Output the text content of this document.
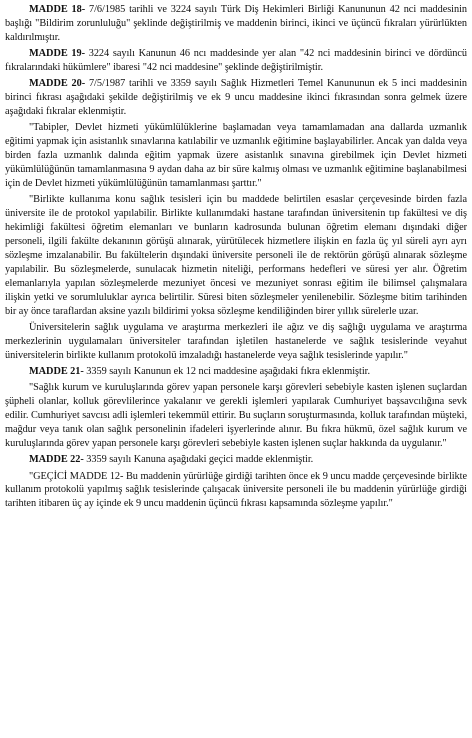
MADDE 18- 7/6/1985 tarihli ve 3224 sayılı Türk Diş Hekimleri Birliği Kanununun 42 nci maddesinin başlığı "Bildirim zorunluluğu" şeklinde değiştirilmiş ve maddenin birinci, ikinci ve üçüncü fıkraları yürürlükten kaldırılmıştır.

MADDE 19- 3224 sayılı Kanunun 46 ncı maddesinde yer alan "42 nci maddesinin birinci ve dördüncü fıkralarındaki hükümlere" ibaresi "42 nci maddesine" şeklinde değiştirilmiştir.

MADDE 20- 7/5/1987 tarihli ve 3359 sayılı Sağlık Hizmetleri Temel Kanununun ek 5 inci maddesinin birinci fıkrası aşağıdaki şekilde değiştirilmiş ve ek 9 uncu maddesine ikinci fıkrasından sonra gelmek üzere aşağıdaki fıkralar eklenmiştir.

"Tabipler, Devlet hizmeti yükümlülüklerine başlamadan veya tamamlamadan ana dallarda uzmanlık eğitimi yapmak için asistanlık sınavlarına katılabilir ve uzmanlık eğitimine başlayabilirler. Ancak yan dalda veya birden fazla uzmanlık dalında eğitim yapmak üzere asistanlık sınavına girebilmek için Devlet hizmeti yükümlülüğünün tamamlanmasına 9 aydan daha az bir süre kalmış olması ve uzmanlık eğitimine başlanabilmesi için de Devlet hizmeti yükümlülüğünün tamamlanması şarttır."

"Birlikte kullanıma konu sağlık tesisleri için bu maddede belirtilen esaslar çerçevesinde birden fazla üniversite ile de protokol yapılabilir. Birlikte kullanımdaki hastane tarafından üniversitenin tıp fakültesi ve diş hekimliği fakültesi öğretim elemanları ve bunların kadrosunda bulunan öğretim elemanı dışındaki diğer personeli, ilgili fakülte dekanının görüşü alınarak, yürütülecek hizmetlere ilişkin en fazla üç yıl süreli ayrı ayrı sözleşme imzalanabilir. Bu fakültelerin dışındaki üniversite personeli ile de rektörün görüşü alınarak sözleşme yapılabilir. Bu sözleşmelerde, sunulacak hizmetin niteliği, performans hedefleri ve süresi yer alır. Öğretim elemanlarıyla yapılan sözleşmelerde mezuniyet öncesi ve mezuniyet sonrası eğitim ile bilimsel çalışmalara ilişkin yetki ve sorumluluklar ayrıca belirtilir. Süresi biten sözleşmeler yenilenebilir. Sözleşme bitim tarihinden bir ay önce taraflardan aksine yazılı bildirimi yoksa sözleşme kendiliğinden birer yıllık sürelerle uzar.

Üniversitelerin sağlık uygulama ve araştırma merkezleri ile ağız ve diş sağlığı uygulama ve araştırma merkezlerinin uygulamaları üniversiteler tarafından işletilen hastanelerde ve sağlık tesislerinde veyahut üniversitelerin birlikte kullanım protokolü imzaladığı hastanelerde veya sağlık tesislerinde yapılır."

MADDE 21- 3359 sayılı Kanunun ek 12 nci maddesine aşağıdaki fıkra eklenmiştir.

"Sağlık kurum ve kuruluşlarında görev yapan personele karşı görevleri sebebiyle kasten işlenen suçlardan şüpheli olanlar, kolluk görevlilerince yakalanır ve gerekli işlemleri yapılarak Cumhuriyet başsavcılığına sevk edilir. Cumhuriyet savcısı adli işlemleri tekemmül ettirir. Bu suçların soruşturmasında, kolluk tarafından müşteki, mağdur veya tanık olan sağlık personelinin ifadeleri işyerlerinde alınır. Bu fıkra hükmü, özel sağlık kurum ve kuruluşlarında görev yapan personele karşı görevleri sebebiyle kasten işlenen suçlar hakkında da uygulanır."

MADDE 22- 3359 sayılı Kanuna aşağıdaki geçici madde eklenmiştir.

"GEÇİCİ MADDE 12- Bu maddenin yürürlüğe girdiği tarihten önce ek 9 uncu madde çerçevesinde birlikte kullanım protokolü yapılmış sağlık tesislerinde çalışacak üniversite personeli ile bu maddenin yürürlüğe girdiği tarihten itibaren üç ay içinde ek 9 uncu maddenin üçüncü fıkrası kapsamında sözleşme yapılır."
